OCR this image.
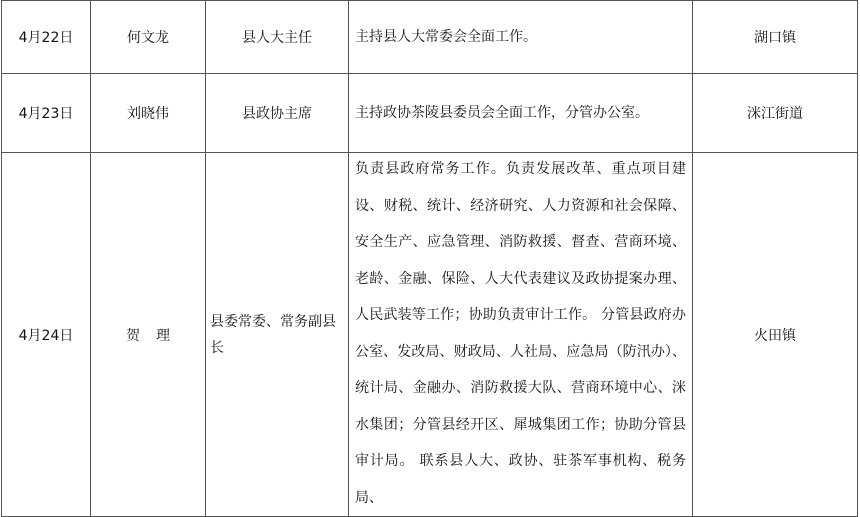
4月22日	何文龙	县人大主任	主持县人大常委会全面工作。	湖口镇
4月23日	刘晓伟	县政协主席	主持政协茶陵县委员会全面工作，分管办公室。	洣江街道
4月24日	贺理	县委常委、常务副县长	负责县政府常务工作。负责发展改革、重点项目建设、财税、统计、经济研究、人力资源和社会保障、安全生产、应急管理、消防救援、督查、营商环境、老龄、金融、保险、人大代表建议及政协提案办理、人民武装等工作；协助负责审计工作。 分管县政府办公室、发改局、财政局、人社局、应急局（防汛办）、统计局、金融办、消防救援大队、营商环境中心、洣水集团；分管县经开区、犀城集团工作；协助分管县审计局。 联系县人大、政协、驻茶军事机构、税务局、	火田镇
